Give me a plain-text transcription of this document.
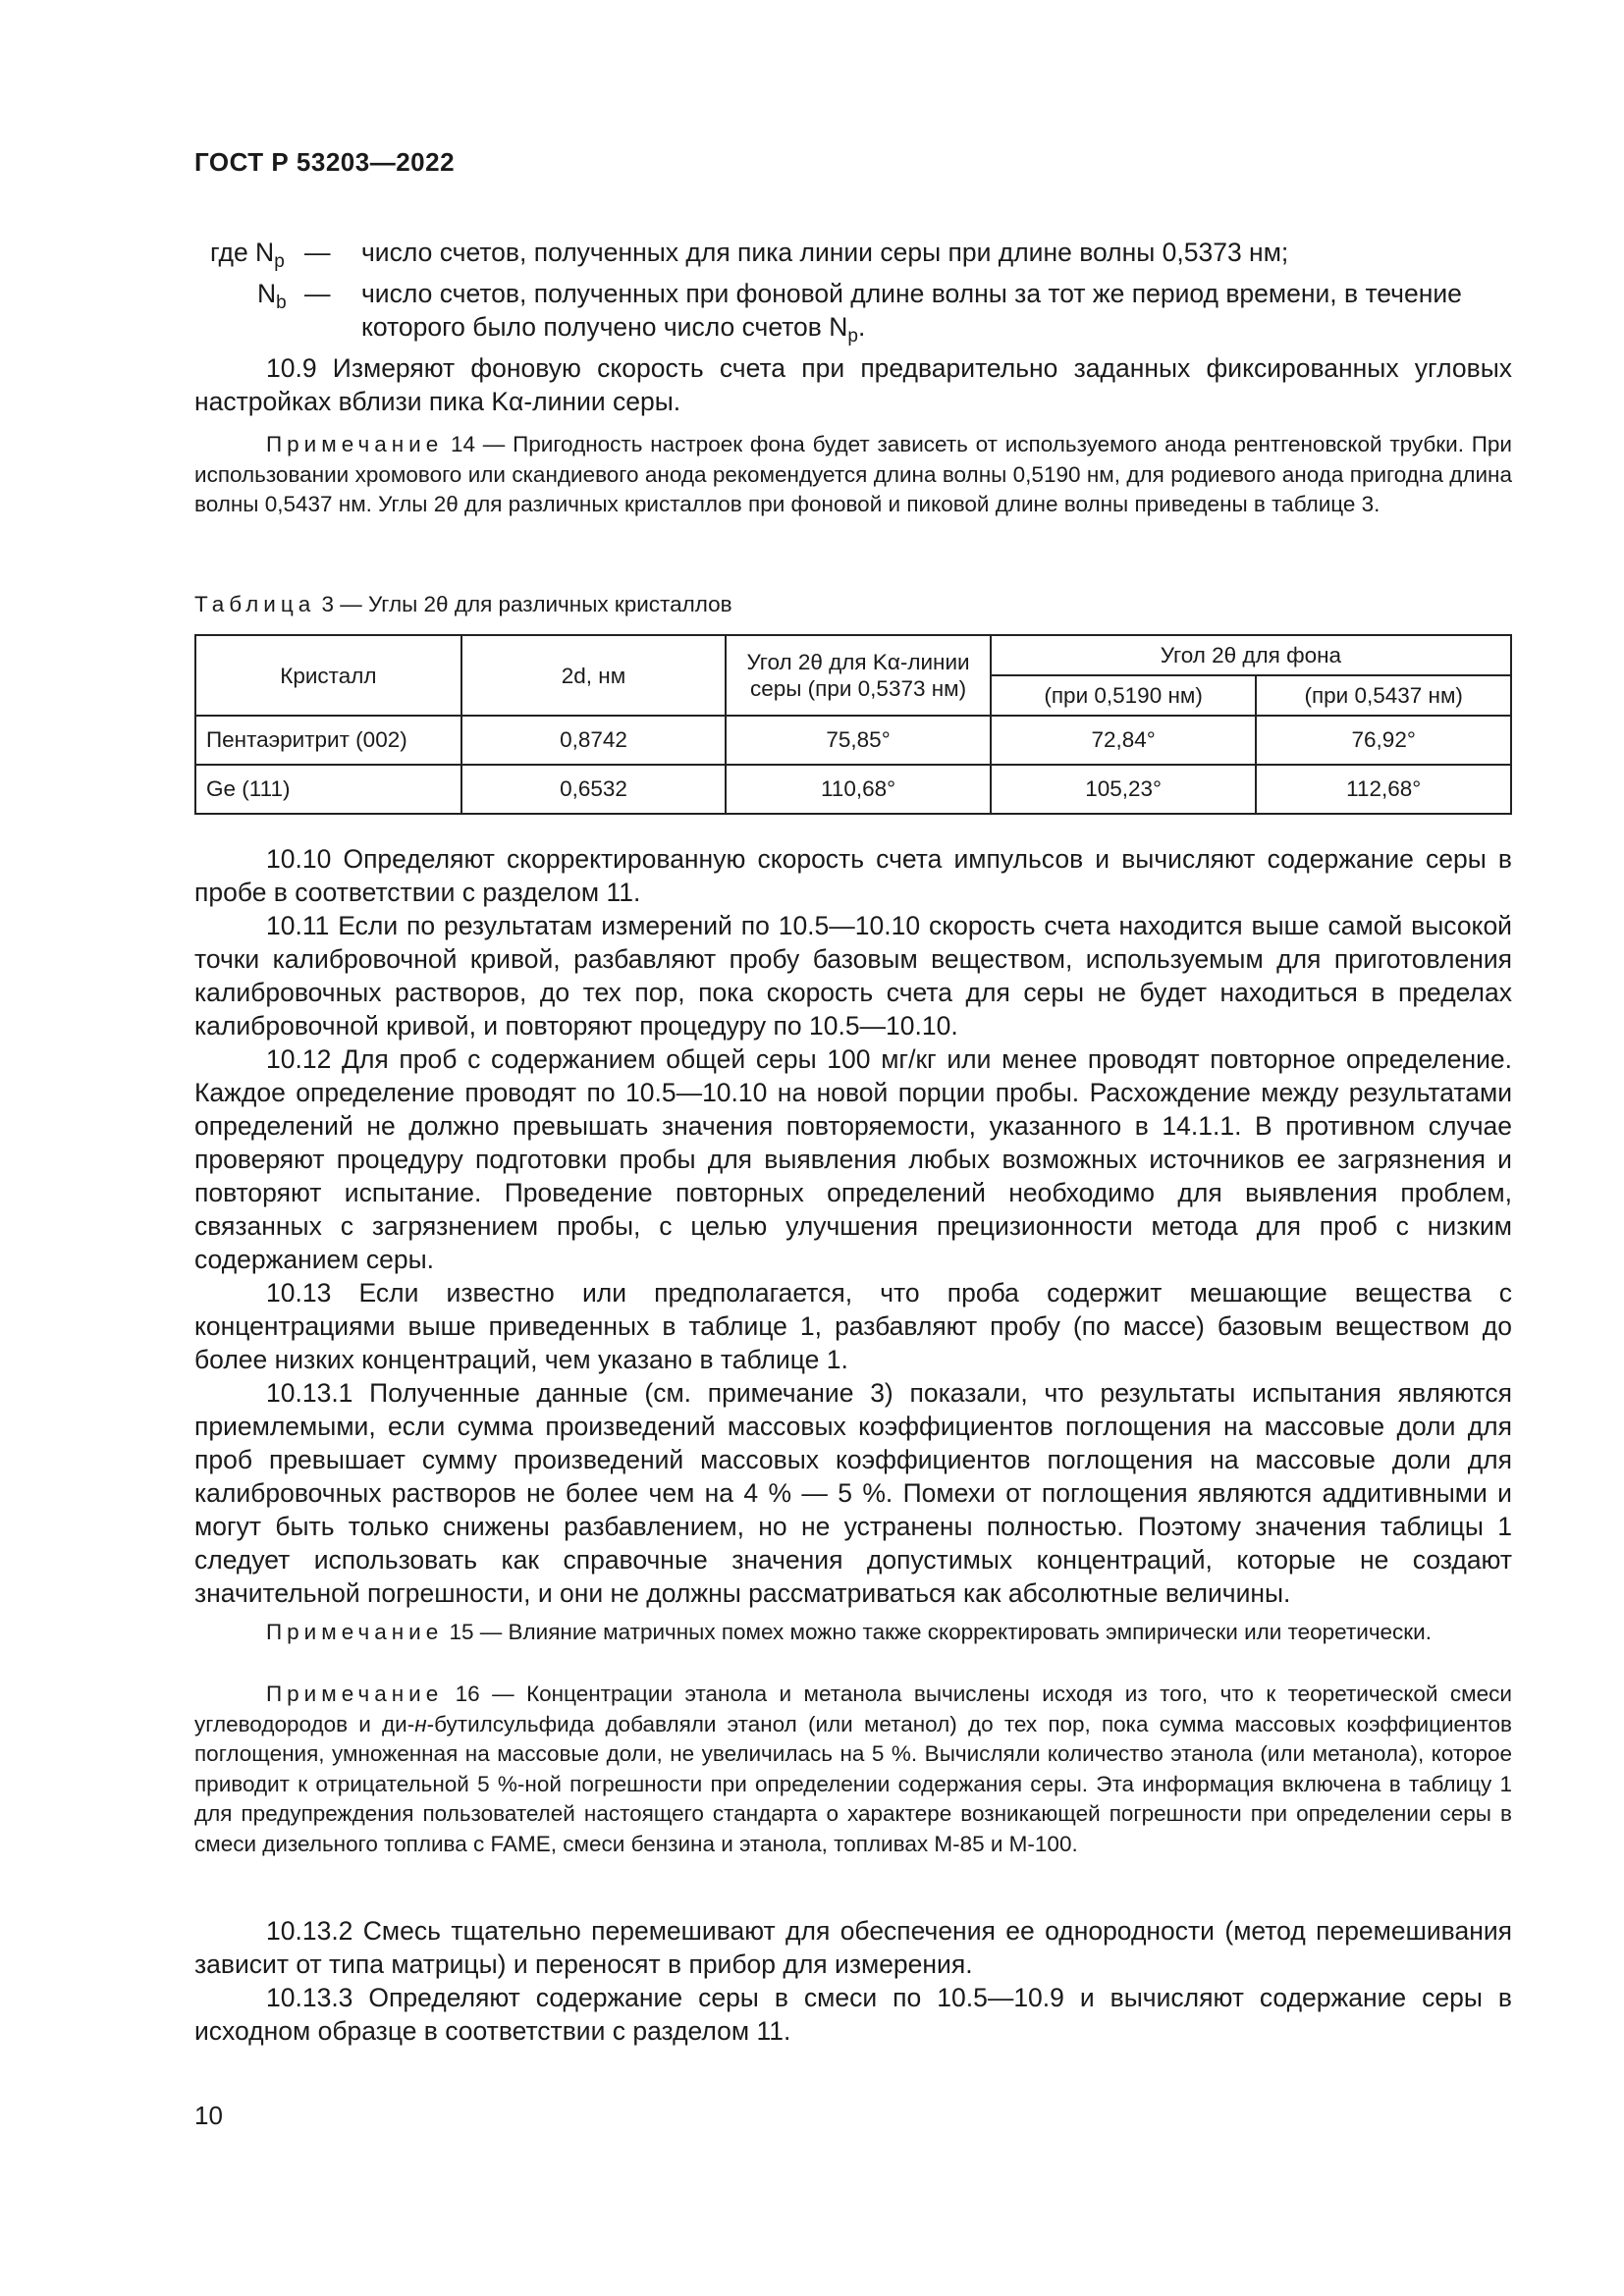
ГОСТ Р 53203—2022
где $N_p$ — число счетов, полученных для пика линии серы при длине волны 0,5373 нм;
$N_b$ — число счетов, полученных при фоновой длине волны за тот же период времени, в течение которого было получено число счетов $N_p$.

10.9 Измеряют фоновую скорость счета при предварительно заданных фиксированных угловых настройках вблизи пика Kα-линии серы.

Примечание 14 — Пригодность настроек фона будет зависеть от используемого анода рентгеновской трубки. При использовании хромового или скандиевого анода рекомендуется длина волны 0,5190 нм, для родиевого анода пригодна длина волны 0,5437 нм. Углы 2θ для различных кристаллов при фоновой и пиковой длине волны приведены в таблице 3.

Таблица 3 — Углы 2θ для различных кристаллов
Кристалл	2d, нм	Угол 2θ для Kα-линии серы (при 0,5373 нм)	Угол 2θ для фона	
			(при 0,5190 нм)	(при 0,5437 нм)
Пентаэритрит (002)	0,8742	75,85°	72,84°	76,92°
Ge (111)	0,6532	110,68°	105,23°	112,68°

10.10 Определяют скорректированную скорость счета импульсов и вычисляют содержание серы в пробе в соответствии с разделом 11.

10.11 Если по результатам измерений по 10.5—10.10 скорость счета находится выше самой высокой точки калибровочной кривой, разбавляют пробу базовым веществом, используемым для приготовления калибровочных растворов, до тех пор, пока скорость счета для серы не будет находиться в пределах калибровочной кривой, и повторяют процедуру по 10.5—10.10.

10.12 Для проб с содержанием общей серы 100 мг/кг или менее проводят повторное определение. Каждое определение проводят по 10.5—10.10 на новой порции пробы. Расхождение между результатами определений не должно превышать значения повторяемости, указанного в 14.1.1. В противном случае проверяют процедуру подготовки пробы для выявления любых возможных источников ее загрязнения и повторяют испытание. Проведение повторных определений необходимо для выявления проблем, связанных с загрязнением пробы, с целью улучшения прецизионности метода для проб с низким содержанием серы.

10.13 Если известно или предполагается, что проба содержит мешающие вещества с концентрациями выше приведенных в таблице 1, разбавляют пробу (по массе) базовым веществом до более низких концентраций, чем указано в таблице 1.

10.13.1 Полученные данные (см. примечание 3) показали, что результаты испытания являются приемлемыми, если сумма произведений массовых коэффициентов поглощения на массовые доли для проб превышает сумму произведений массовых коэффициентов поглощения на массовые доли для калибровочных растворов не более чем на 4 % — 5 %. Помехи от поглощения являются аддитивными и могут быть только снижены разбавлением, но не устранены полностью. Поэтому значения таблицы 1 следует использовать как справочные значения допустимых концентраций, которые не создают значительной погрешности, и они не должны рассматриваться как абсолютные величины.

Примечание 15 — Влияние матричных помех можно также скорректировать эмпирически или теоретически.

Примечание 16 — Концентрации этанола и метанола вычислены исходя из того, что к теоретической смеси углеводородов и ди-н-бутилсульфида добавляли этанол (или метанол) до тех пор, пока сумма массовых коэффициентов поглощения, умноженная на массовые доли, не увеличилась на 5 %. Вычисляли количество этанола (или метанола), которое приводит к отрицательной 5 %-ной погрешности при определении содержания серы. Эта информация включена в таблицу 1 для предупреждения пользователей настоящего стандарта о характере возникающей погрешности при определении серы в смеси дизельного топлива с FAME, смеси бензина и этанола, топливах М-85 и М-100.

10.13.2 Смесь тщательно перемешивают для обеспечения ее однородности (метод перемешивания зависит от типа матрицы) и переносят в прибор для измерения.

10.13.3 Определяют содержание серы в смеси по 10.5—10.9 и вычисляют содержание серы в исходном образце в соответствии с разделом 11.

10
